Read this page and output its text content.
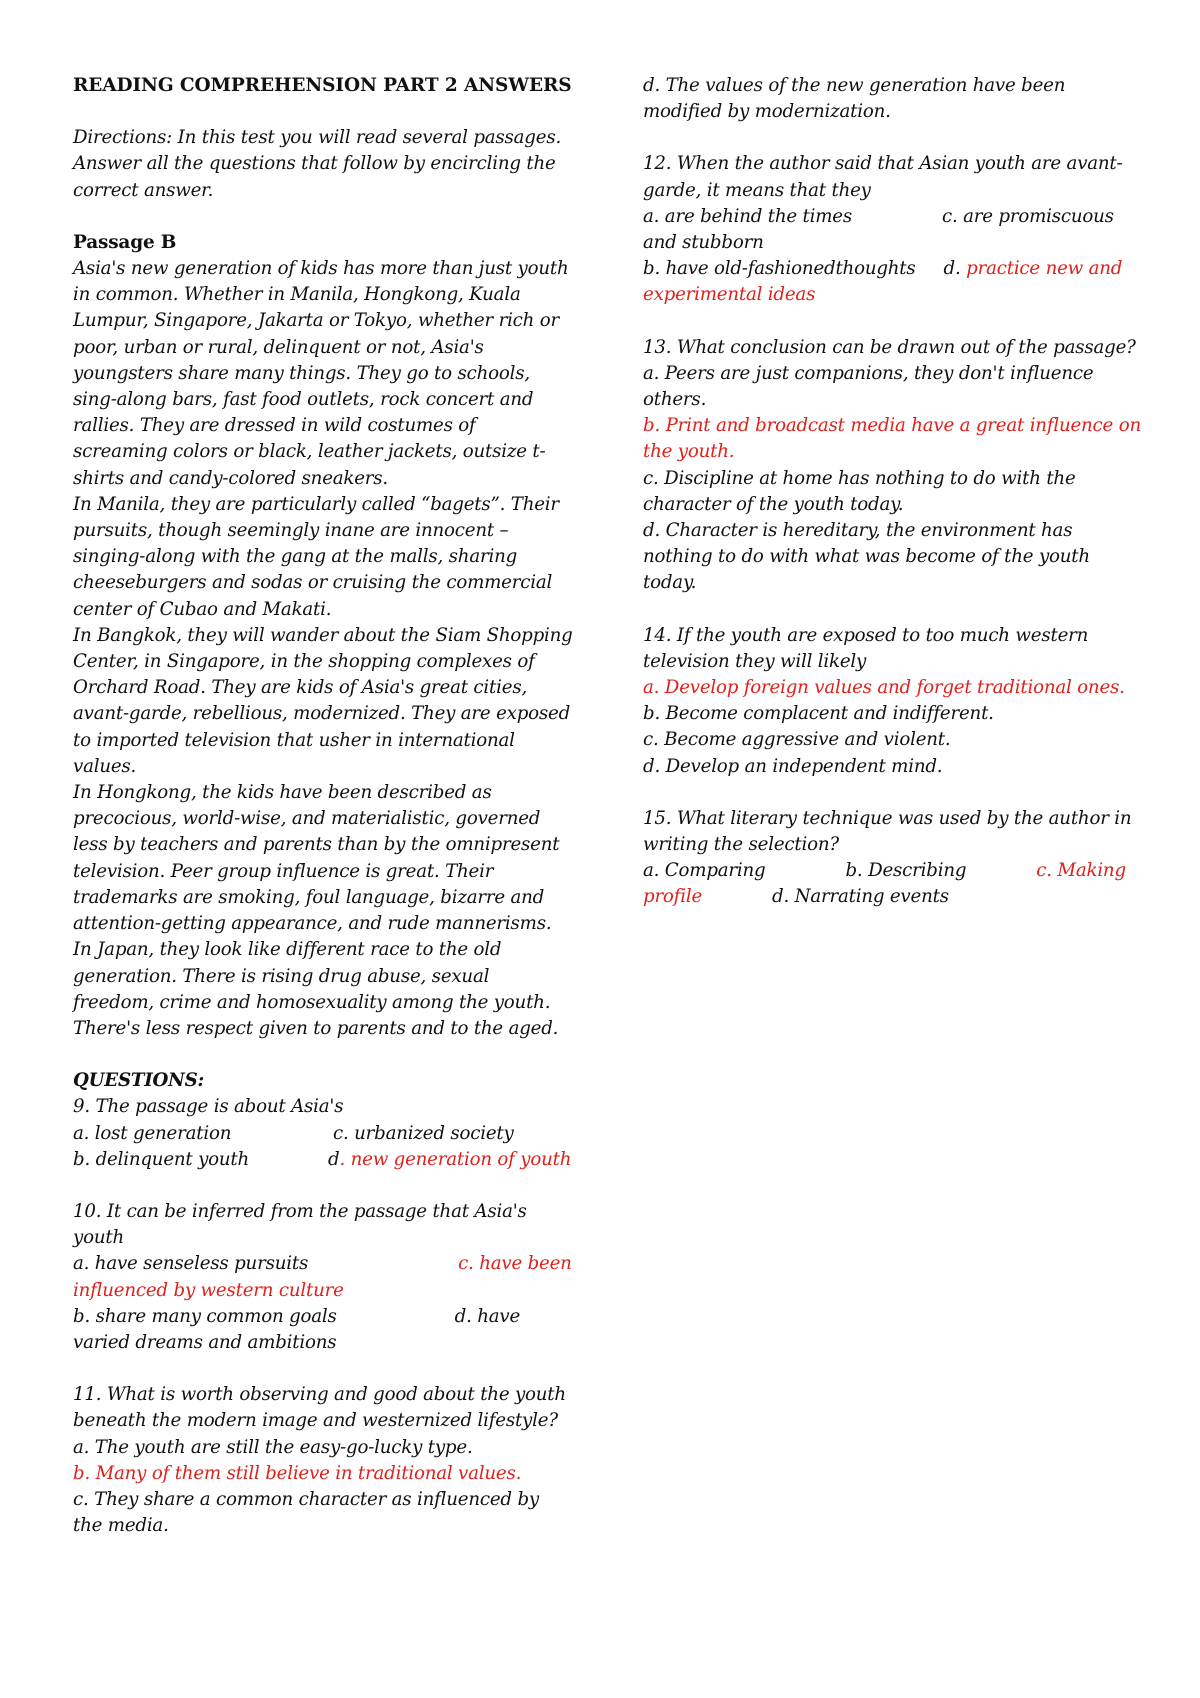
READING COMPREHENSION PART 2 ANSWERS

Directions: In this test you will read several passages. Answer all the questions that follow by encircling the correct answer.

Passage B

Asia's new generation of kids has more than just youth in common. Whether in Manila, Hongkong, Kuala Lumpur, Singapore, Jakarta or Tokyo, whether rich or poor, urban or rural, delinquent or not, Asia's youngsters share many things. They go to schools, sing-along bars, fast food outlets, rock concert and rallies. They are dressed in wild costumes of screaming colors or black, leather jackets, outsize t-shirts and candy-colored sneakers.

In Manila, they are particularly called “bagets”. Their pursuits, though seemingly inane are innocent – singing-along with the gang at the malls, sharing cheeseburgers and sodas or cruising the commercial center of Cubao and Makati.

In Bangkok, they will wander about the Siam Shopping Center, in Singapore, in the shopping complexes of Orchard Road. They are kids of Asia's great cities, avant-garde, rebellious, modernized. They are exposed to imported television that usher in international values.

In Hongkong, the kids have been described as precocious, world-wise, and materialistic, governed less by teachers and parents than by the omnipresent television. Peer group influence is great. Their trademarks are smoking, foul language, bizarre and attention-getting appearance, and rude mannerisms.

In Japan, they look like different race to the old generation. There is rising drug abuse, sexual freedom, crime and homosexuality among the youth. There's less respect given to parents and to the aged.

QUESTIONS:

9. The passage is about Asia's

a. lost generation	c. urbanized society

b. delinquent youth	d. new generation of youth

10. It can be inferred from the passage that Asia's youth

a. have senseless pursuits	c. have been influenced by western culture

b. share many common goals	d. have varied dreams and ambitions

11. What is worth observing and good about the youth beneath the modern image and westernized lifestyle?

a. The youth are still the easy-go-lucky type.

b. Many of them still believe in traditional values.

c. They share a common character as influenced by the media.

d. The values of the new generation have been modified by modernization.

12. When the author said that Asian youth are avant-garde, it means that they

a. are behind the times	c. are promiscuous and stubborn

b. have old-fashionedthoughts d. practice new and experimental ideas

13. What conclusion can be drawn out of the passage?

a. Peers are just companions, they don't influence others.

b. Print and broadcast media have a great influence on the youth.

c. Discipline at home has nothing to do with the character of the youth today.

d. Character is hereditary, the environment has nothing to do with what was become of the youth today.

14. If the youth are exposed to too much western television they will likely

a. Develop foreign values and forget traditional ones.

b. Become complacent and indifferent.

c. Become aggressive and violent.

d. Develop an independent mind.

15. What literary technique was used by the author in writing the selection?

a. Comparing	b. Describing	c. Making profile	d. Narrating events
